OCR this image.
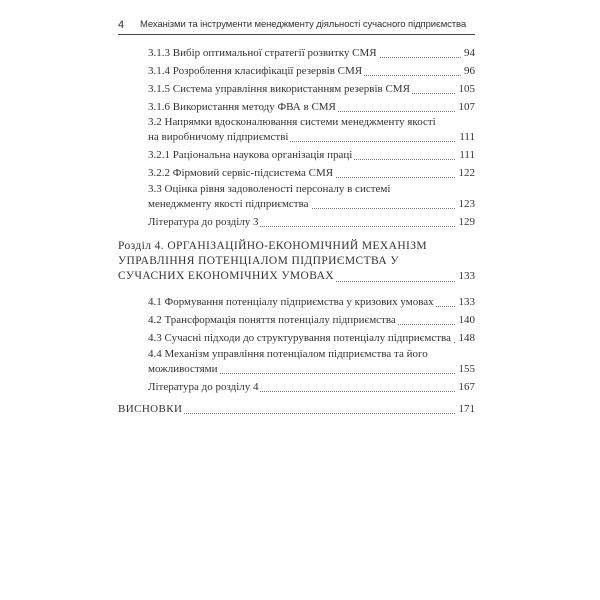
4 Механізми та інструменти менеджменту діяльності сучасного підприємства
3.1.3 Вибір оптимальної стратегії розвитку СМЯ	94
3.1.4 Розроблення класифікації резервів СМЯ	96
3.1.5 Система управління використанням резервів СМЯ	105
3.1.6 Використання методу ФВА в СМЯ	107
3.2 Напрямки вдосконалювання системи менеджменту якості
на виробничому підприємстві	111
3.2.1 Раціональна наукова організація праці	111
3.2.2 Фірмовий сервіс-підсистема СМЯ	122
3.3 Оцінка рівня задоволеності персоналу в системі
менеджменту якості підприємства	123
Література до розділу 3	129
Розділ 4. ОРГАНІЗАЦІЙНО-ЕКОНОМІЧНИЙ МЕХАНІЗМ
УПРАВЛІННЯ ПОТЕНЦІАЛОМ ПІДПРИЄМСТВА У
СУЧАСНИХ ЕКОНОМІЧНИХ УМОВАХ	133
4.1 Формування потенціалу підприємства у кризових умовах 133
4.2 Трансформація поняття потенціалу підприємства	140
4.3 Сучасні підходи до структурування потенціалу підприємства 148
4.4 Механізм управління потенціалом підприємства та його
можливостями	155
Література до розділу 4	167
ВИСНОВКИ	171
